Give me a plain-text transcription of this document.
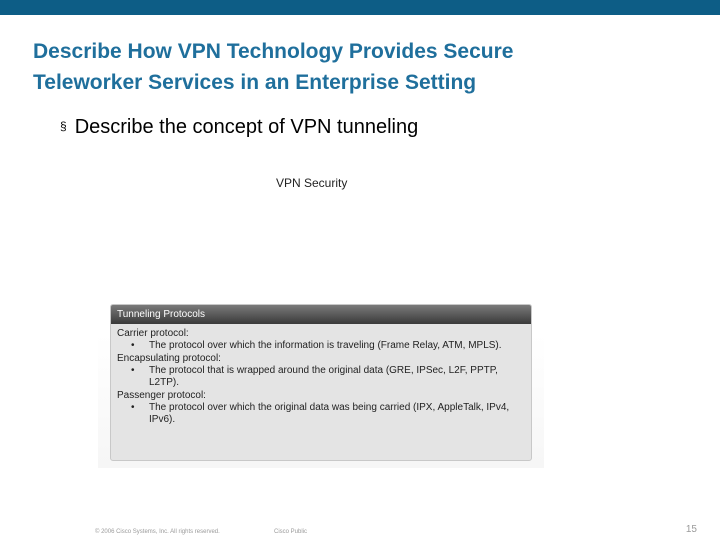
Describe How VPN Technology Provides Secure
Teleworker Services in an Enterprise Setting
§ Describe the concept of VPN tunneling
VPN Security
Tunneling Protocols

Carrier protocol:

• The protocol over which the information is traveling (Frame Relay, ATM, MPLS).

Encapsulating protocol:

• The protocol that is wrapped around the original data (GRE, IPSec, L2F, PPTP, L2TP).

Passenger protocol:

• The protocol over which the original data was being carried (IPX, AppleTalk, IPv4, IPv6).

© 2006 Cisco Systems, Inc. All rights reserved.	Cisco Public	15
